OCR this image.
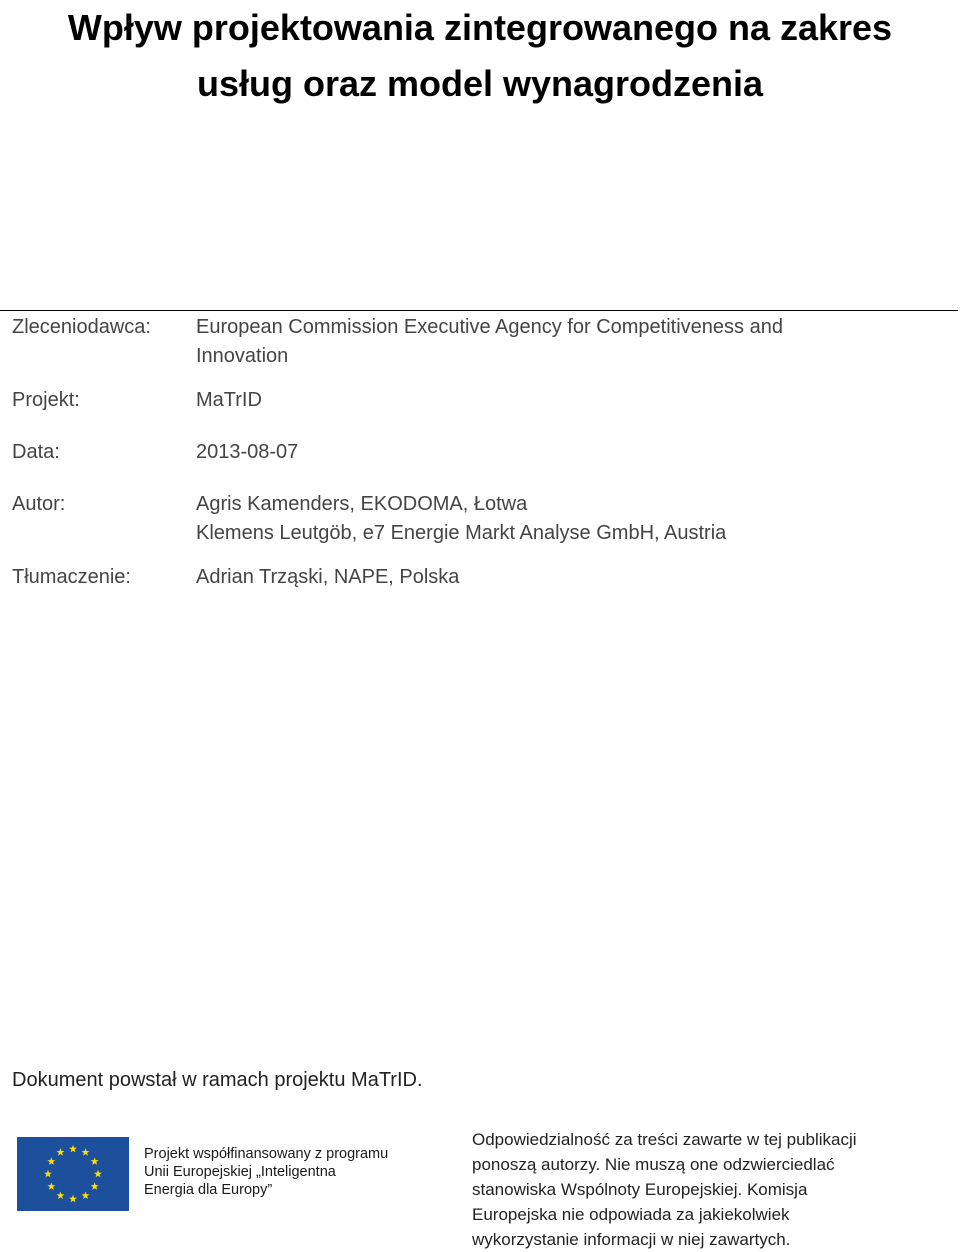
Wpływ projektowania zintegrowanego na zakres
usług oraz model wynagrodzenia
Zleceniodawca: European Commission Executive Agency for Competitiveness and
Innovation
Projekt:	MaTrID
Data:	2013-08-07
Autor:	Agris Kamenders, EKODOMA, Łotwa
Klemens Leutgöb, e7 Energie Markt Analyse GmbH, Austria
Tłumaczenie:	Adrian Trząski, NAPE, Polska
Dokument powstał w ramach projektu MaTrID.
Projekt współfinansowany z programu
Unii Europejskiej „Inteligentna
Energia dla Europy”
Odpowiedzialność za treści zawarte w tej publikacji
ponoszą autorzy. Nie muszą one odzwierciedlać
stanowiska Wspólnoty Europejskiej. Komisja
Europejska nie odpowiada za jakiekolwiek
wykorzystanie informacji w niej zawartych.
